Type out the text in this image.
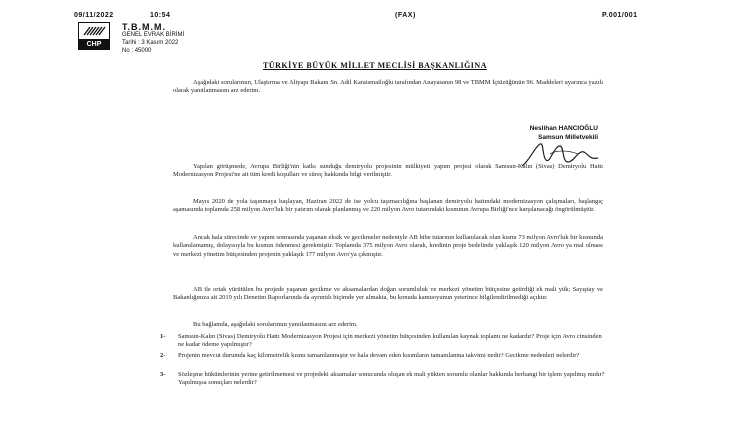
09/11/2022	10:54	(FAX)	P.001/001
CHP
T.B.M.M.
GENEL EVRAK BİRİMİ
Tarihi : 3 Kasım 2022
No : 45000
TÜRKİYE BÜYÜK MİLLET MECLİSİ BAŞKANLIĞINA
Aşağıdaki sorularımın, Ulaştırma ve Altyapı Bakanı Sn. Adil Karaismailoğlu tarafından Anayasanın 98 ve TBMM İçtüzüğünün 96. Maddeleri uyarınca yazılı olarak yanıtlanmasını arz ederim.
Neslihan HANCIOĞLU
Samsun Milletvekili
Yapılan görüşmede, Avrupa Birliği'nin katkı sunduğu demiryolu projesinin mülkiyeti yapım projesi olarak Samsun-Kalın (Sivas) Demiryolu Hattı Modernizasyon Projesi'ne ait tüm kredi koşulları ve süreç hakkında bilgi verilmiştir.
Mayıs 2020 de yola taşınmaya başlayan, Haziran 2022 de ise yolcu taşımacılığına başlanan demiryolu hattındaki modernizasyon çalışmaları, başlangıç aşamasında toplamda 258 milyon Avro'luk bir yatırım olarak planlanmış ve 220 milyon Avro tutarındaki kısmının Avrupa Birliği'nce karşılanacağı öngörülmüştür.
Ancak hala sürecinde ve yapım sonrasında yaşanan eksik ve gecikmeler nedeniyle AB hibe tutarının kullanılacak olan kısmı 73 milyon Avro'luk bir kısmında kullanılamamış, dolayısıyla bu kısmın ödenmesi gerekmiştir. Toplamda 375 milyon Avro olarak, kredinin proje bedelinde yaklaşık 120 milyon Avro ya mal olması ve merkezi yönetim bütçesinden projenin yaklaşık 177 milyon Avro'ya çıkmıştır.
AB ile ortak yürütülen bu projede yaşanan gecikme ve aksamalardan doğan sorumluluk ve merkezi yönetim bütçesine getirdiği ek mali yük; Sayıştay ve Bakanlığınıza ait 2019 yılı Denetim Raporlarında da ayrıntılı biçimde yer almakta, bu konuda kamuoyunun yeterince bilgilendirilmediği açıktır.
Bu bağlamda, aşağıdaki sorularımın yanıtlanmasını arz ederim.
1- Samsun-Kalın (Sivas) Demiryolu Hattı Modernizasyon Projesi için merkezi yönetim bütçesinden kullanılan kaynak toplamı ne kadardır? Proje için Avro cinsinden ne kadar ödeme yapılmıştır?
2- Projenin mevcut durumda kaç kilometrelik kısmı tamamlanmıştır ve hala devam eden kısımların tamamlanma takvimi nedir? Gecikme nedenleri nelerdir?
3- Sözleşme hükümlerinin yerine getirilmemesi ve projedeki aksamalar sonucunda oluşan ek mali yükten sorumlu olanlar hakkında herhangi bir işlem yapılmış mıdır? Yapılmışsa sonuçları nelerdir?
